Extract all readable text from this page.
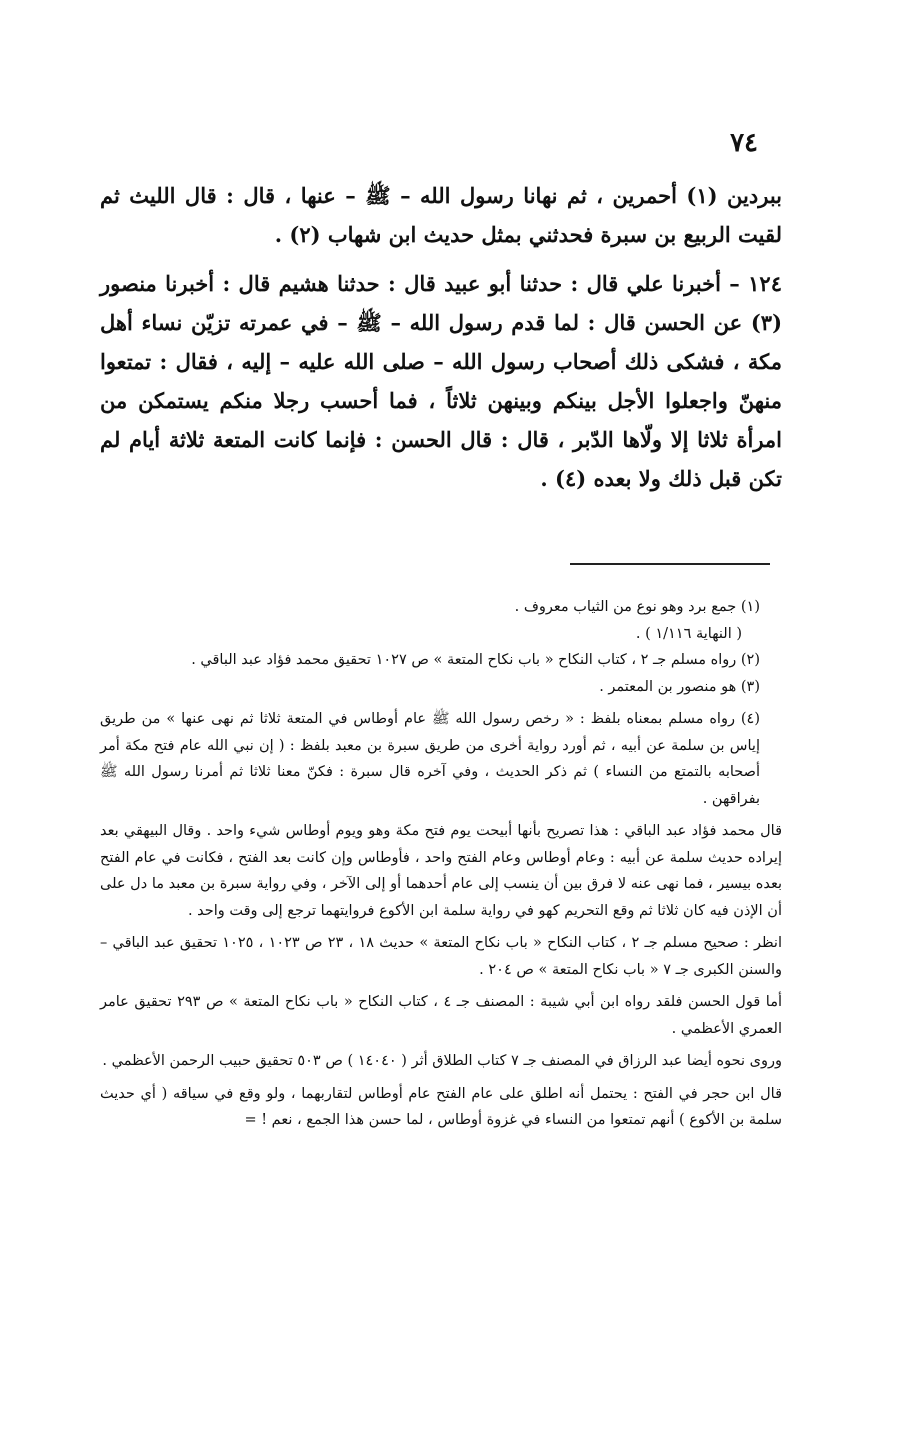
٧٤

ببردين (١) أحمرين ، ثم نهانا رسول الله – ﷺ – عنها ، قال : قال الليث ثم لقيت الربيع بن سبرة فحدثني بمثل حديث ابن شهاب (٢) .

١٢٤ – أخبرنا علي قال : حدثنا أبو عبيد قال : حدثنا هشيم قال : أخبرنا منصور (٣) عن الحسن قال : لما قدم رسول الله – ﷺ – في عمرته تزيّن نساء أهل مكة ، فشكى ذلك أصحاب رسول الله – صلى الله عليه – إليه ، فقال : تمتعوا منهنّ واجعلوا الأجل بينكم وبينهن ثلاثاً ، فما أحسب رجلا منكم يستمكن من امرأة ثلاثا إلا ولّاها الدّبر ، قال : قال الحسن : فإنما كانت المتعة ثلاثة أيام لم تكن قبل ذلك ولا بعده (٤) .

(١) جمع برد وهو نوع من الثياب معروف .

( النهاية ١/١١٦ ) .

(٢) رواه مسلم جـ ٢ ، كتاب النكاح « باب نكاح المتعة » ص ١٠٢٧ تحقيق محمد فؤاد عبد الباقي .

(٣) هو منصور بن المعتمر .

(٤) رواه مسلم بمعناه بلفظ : « رخص رسول الله ﷺ عام أوطاس في المتعة ثلاثا ثم نهى عنها » من طريق إياس بن سلمة عن أبيه ، ثم أورد رواية أخرى من طريق سبرة بن معبد بلفظ : ( إن نبي الله عام فتح مكة أمر أصحابه بالتمتع من النساء ) ثم ذكر الحديث ، وفي آخره قال سبرة : فكنّ معنا ثلاثا ثم أمرنا رسول الله ﷺ بفراقهن .

قال محمد فؤاد عبد الباقي : هذا تصريح بأنها أبيحت يوم فتح مكة وهو ويوم أوطاس شيء واحد . وقال البيهقي بعد إيراده حديث سلمة عن أبيه : وعام أوطاس وعام الفتح واحد ، فأوطاس وإن كانت بعد الفتح ، فكانت في عام الفتح بعده بيسير ، فما نهى عنه لا فرق بين أن ينسب إلى عام أحدهما أو إلى الآخر ، وفي رواية سبرة بن معبد ما دل على أن الإذن فيه كان ثلاثا ثم وقع التحريم كهو في رواية سلمة ابن الأكوع فروايتهما ترجع إلى وقت واحد .

انظر : صحيح مسلم جـ ٢ ، كتاب النكاح « باب نكاح المتعة » حديث ١٨ ، ٢٣ ص ١٠٢٣ ، ١٠٢٥ تحقيق عبد الباقي – والسنن الكبرى جـ ٧ « باب نكاح المتعة » ص ٢٠٤ .

أما قول الحسن فلقد رواه ابن أبي شيبة : المصنف جـ ٤ ، كتاب النكاح « باب نكاح المتعة » ص ٢٩٣ تحقيق عامر العمري الأعظمي .

وروى نحوه أيضا عبد الرزاق في المصنف جـ ٧ كتاب الطلاق أثر ( ١٤٠٤٠ ) ص ٥٠٣ تحقيق حبيب الرحمن الأعظمي .

قال ابن حجر في الفتح : يحتمل أنه اطلق على عام الفتح عام أوطاس لتقاربهما ، ولو وقع في سياقه ( أي حديث سلمة بن الأكوع ) أنهم تمتعوا من النساء في غزوة أوطاس ، لما حسن هذا الجمع ، نعم ! =
